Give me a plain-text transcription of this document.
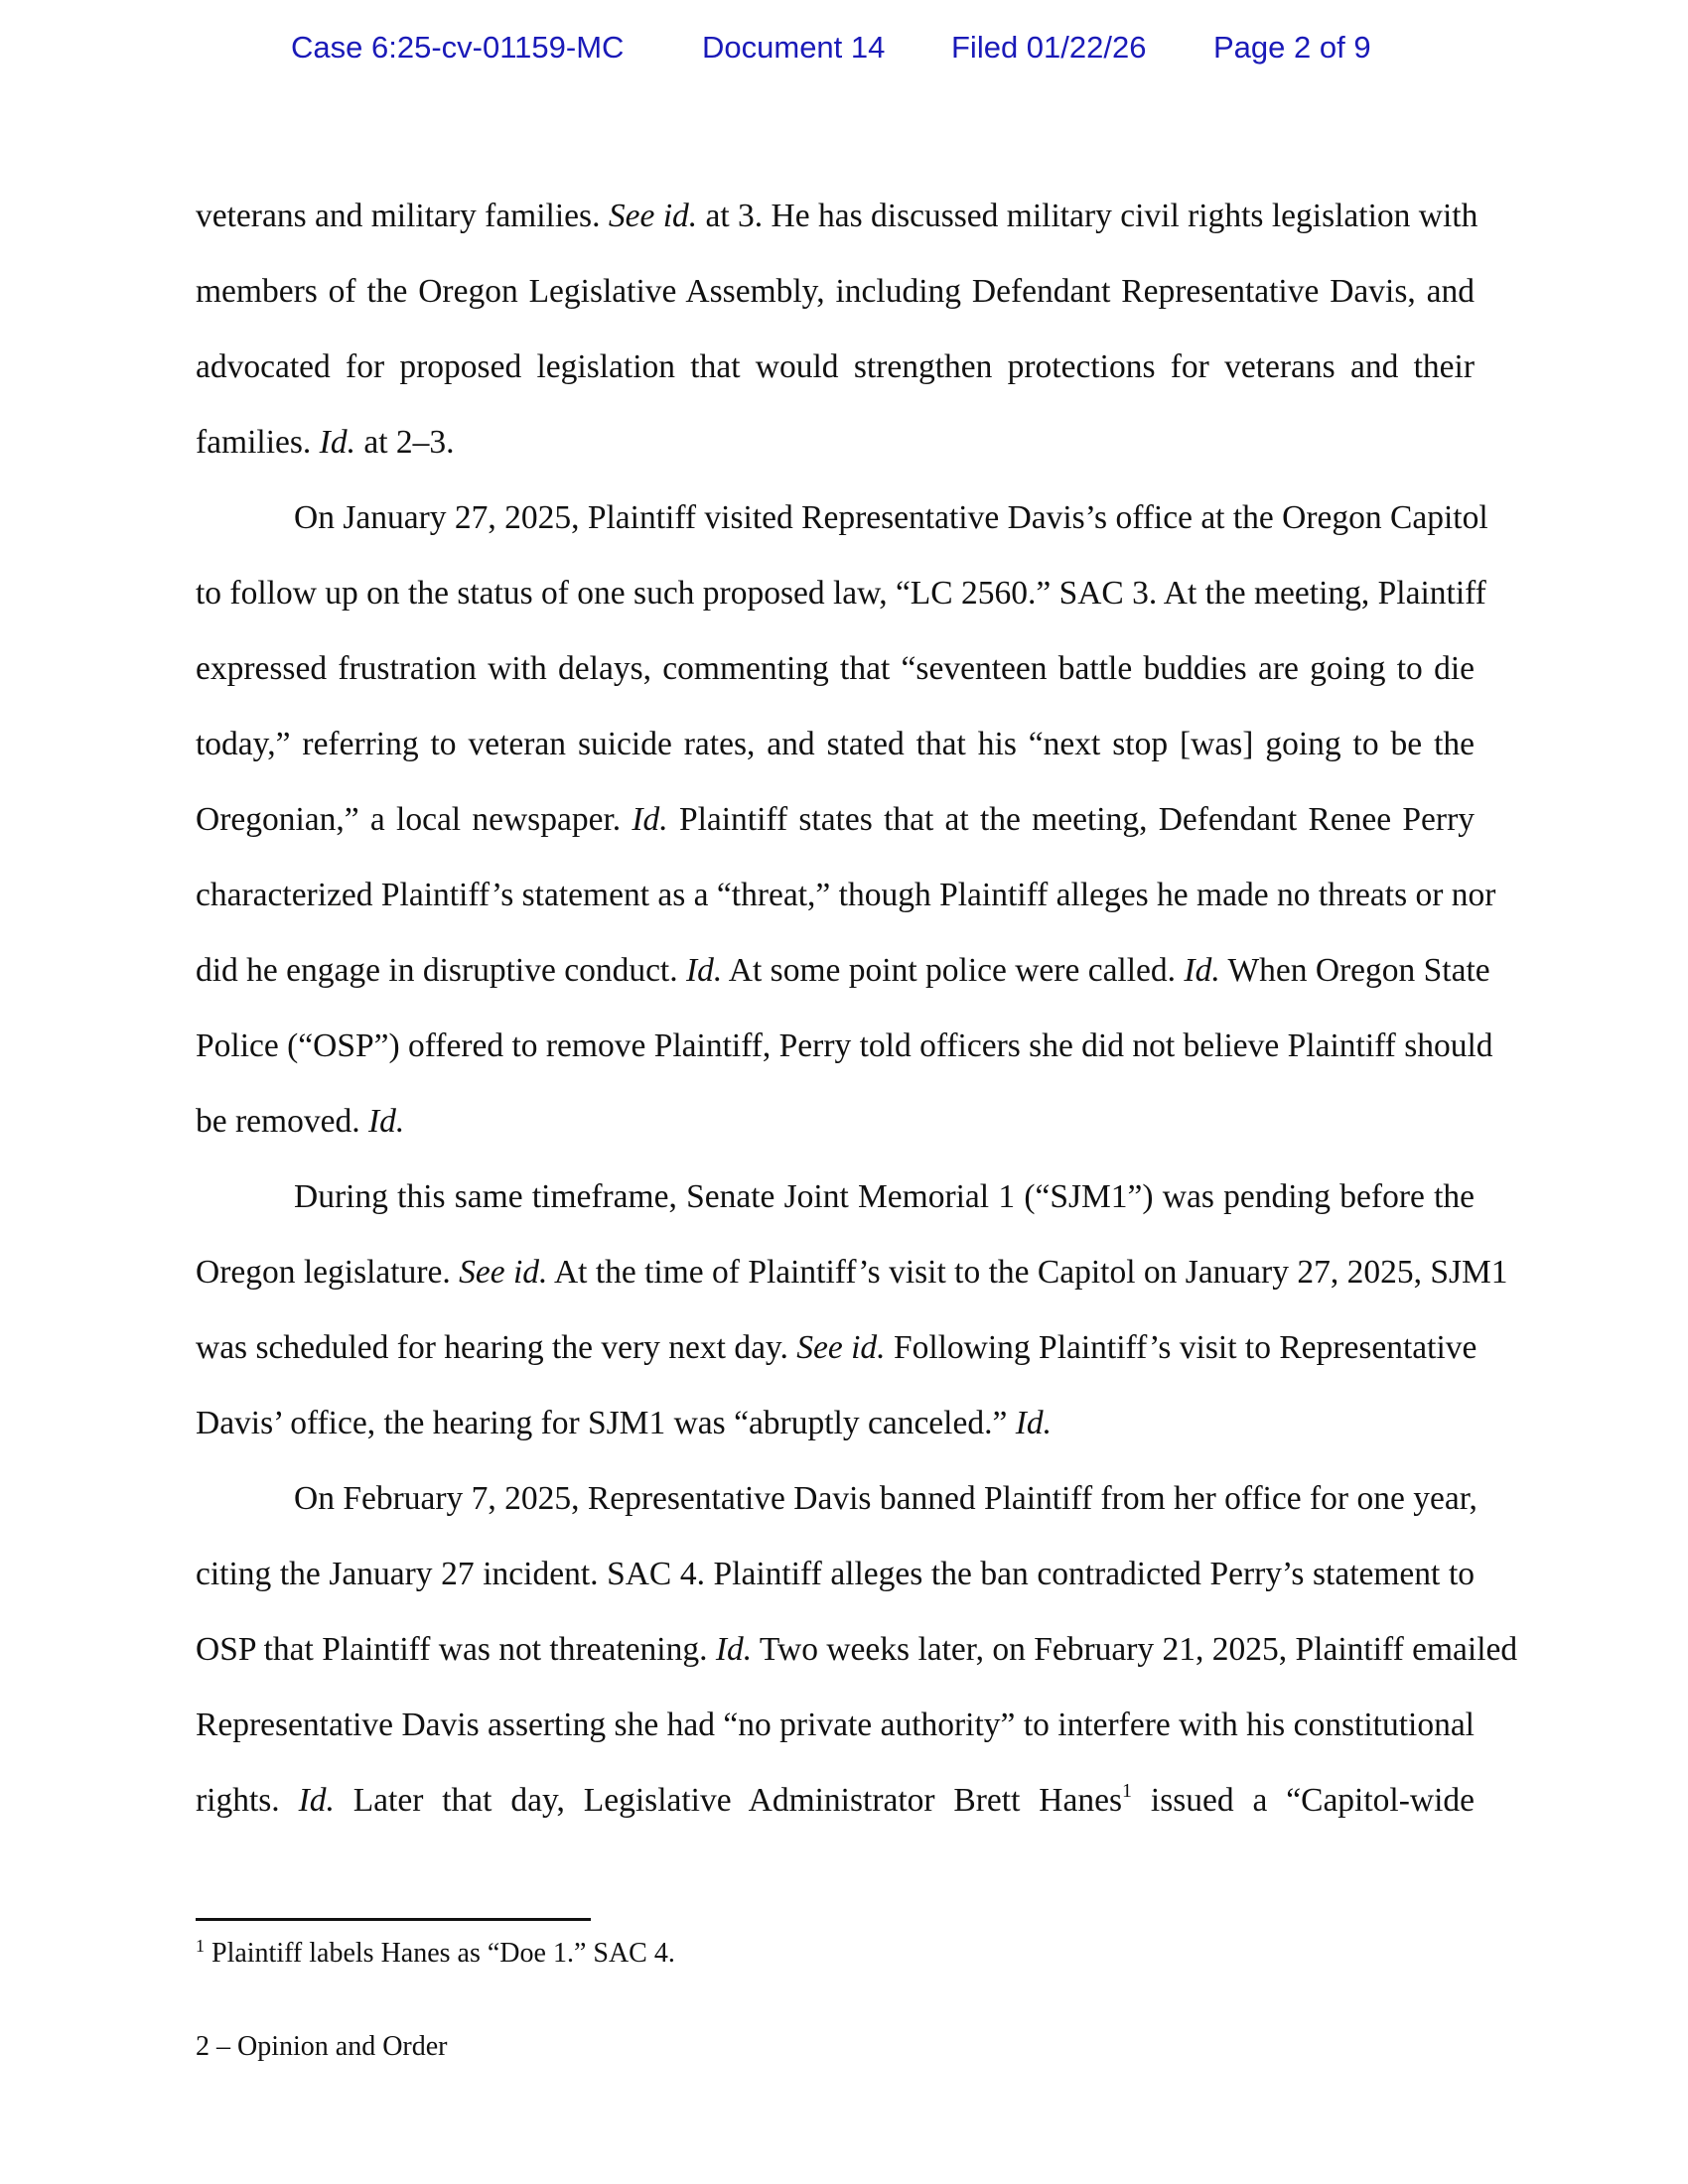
Case 6:25-cv-01159-MC	Document 14 Filed 01/22/26 Page 2 of 9
veterans and military families. See id. at 3. He has discussed military civil rights legislation with
members of the Oregon Legislative Assembly, including Defendant Representative Davis, and
advocated for proposed legislation that would strengthen protections for veterans and their
families. Id. at 2–3.
On January 27, 2025, Plaintiff visited Representative Davis’s office at the Oregon Capitol
to follow up on the status of one such proposed law, “LC 2560.” SAC 3. At the meeting, Plaintiff
expressed frustration with delays, commenting that “seventeen battle buddies are going to die
today,” referring to veteran suicide rates, and stated that his “next stop [was] going to be the
Oregonian,” a local newspaper. Id. Plaintiff states that at the meeting, Defendant Renee Perry
characterized Plaintiff’s statement as a “threat,” though Plaintiff alleges he made no threats or nor
did he engage in disruptive conduct. Id. At some point police were called. Id. When Oregon State
Police (“OSP”) offered to remove Plaintiff, Perry told officers she did not believe Plaintiff should
be removed. Id.
During this same timeframe, Senate Joint Memorial 1 (“SJM1”) was pending before the
Oregon legislature. See id. At the time of Plaintiff’s visit to the Capitol on January 27, 2025, SJM1
was scheduled for hearing the very next day. See id. Following Plaintiff’s visit to Representative
Davis’ office, the hearing for SJM1 was “abruptly canceled.” Id.
On February 7, 2025, Representative Davis banned Plaintiff from her office for one year,
citing the January 27 incident. SAC 4. Plaintiff alleges the ban contradicted Perry’s statement to
OSP that Plaintiff was not threatening. Id. Two weeks later, on February 21, 2025, Plaintiff emailed
Representative Davis asserting she had “no private authority” to interfere with his constitutional
rights. Id. Later that day, Legislative Administrator Brett Hanes$^1$ issued a “Capitol-wide
$^1$ Plaintiff labels Hanes as “Doe 1.” SAC 4.
2 – Opinion and Order
